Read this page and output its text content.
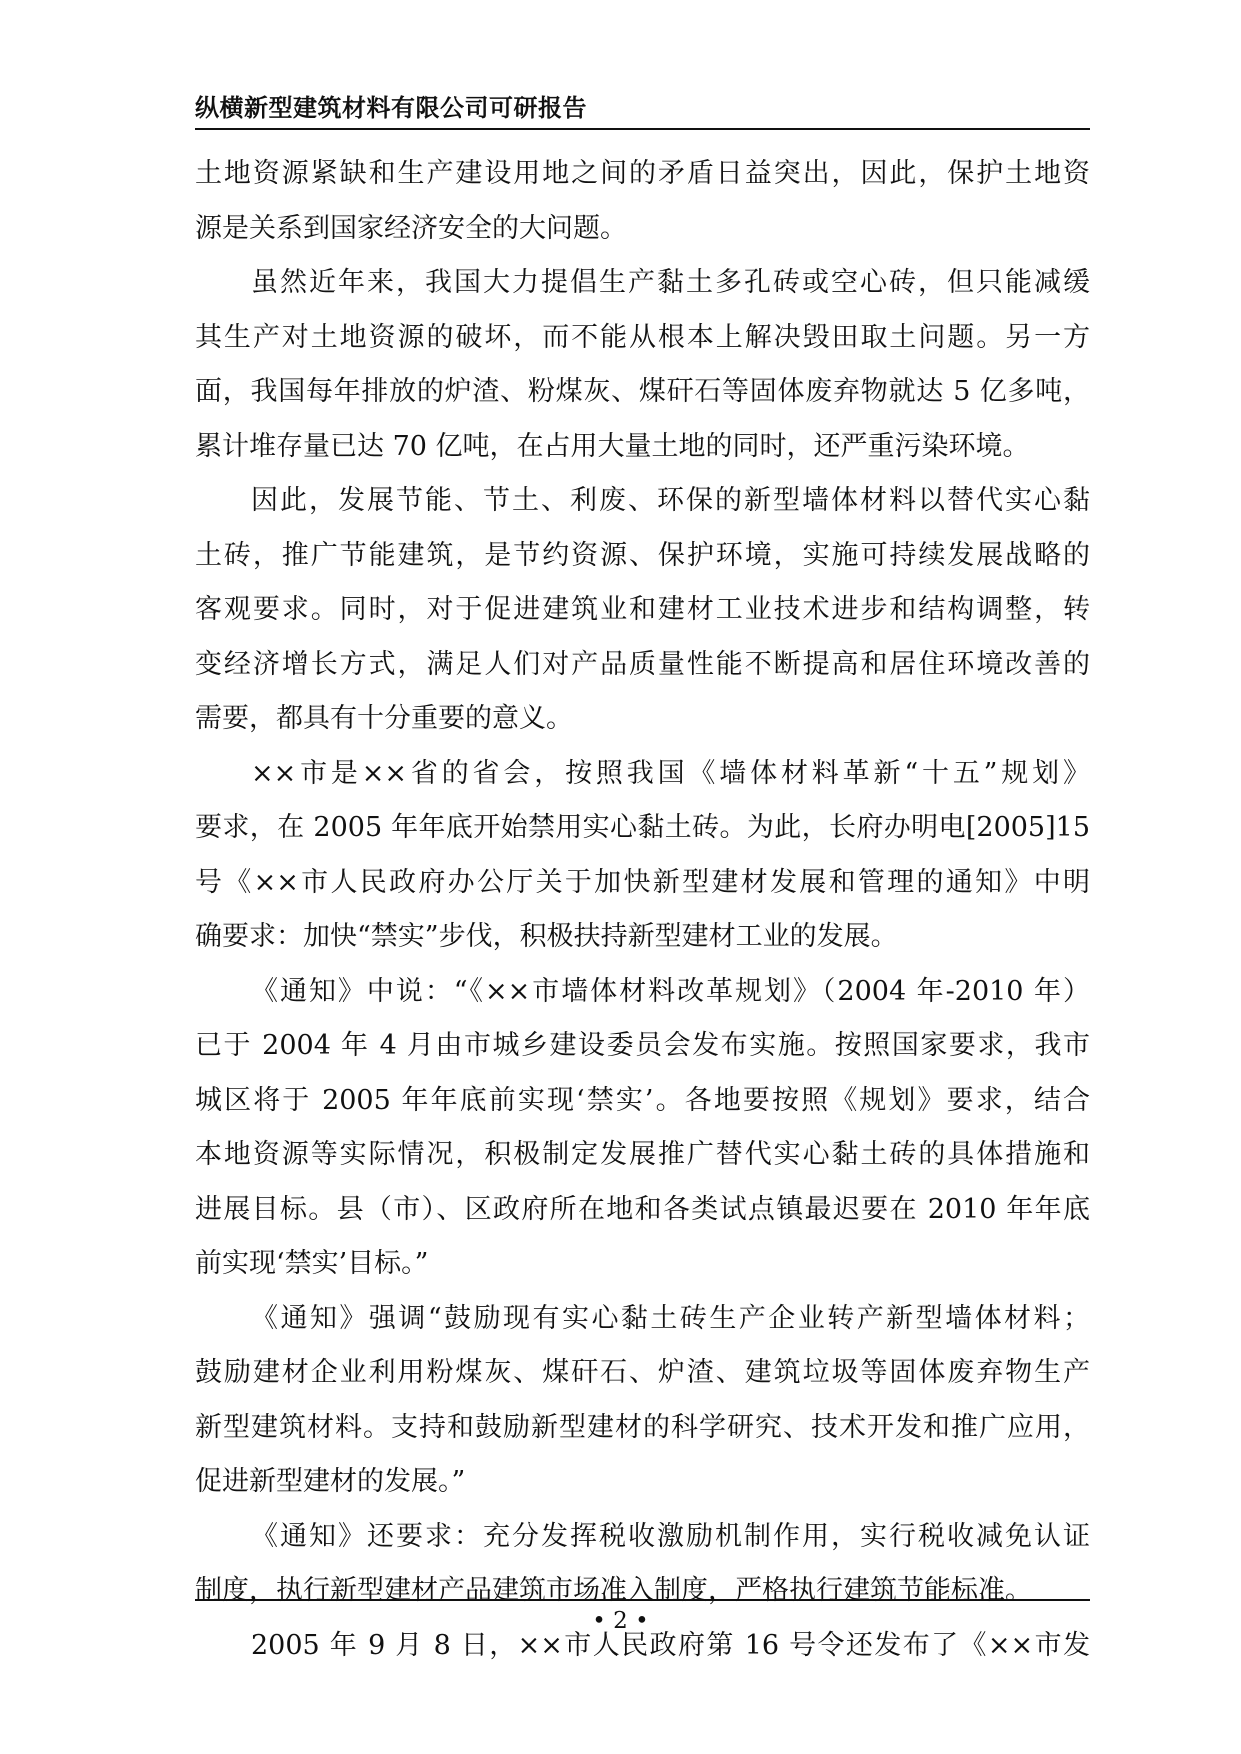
纵横新型建筑材料有限公司可研报告
土地资源紧缺和生产建设用地之间的矛盾日益突出，因此，保护土地资
源是关系到国家经济安全的大问题。
虽然近年来，我国大力提倡生产黏土多孔砖或空心砖，但只能减缓
其生产对土地资源的破坏，而不能从根本上解决毁田取土问题。另一方
面，我国每年排放的炉渣、粉煤灰、煤矸石等固体废弃物就达 5 亿多吨，
累计堆存量已达 70 亿吨，在占用大量土地的同时，还严重污染环境。
因此，发展节能、节土、利废、环保的新型墙体材料以替代实心黏
土砖，推广节能建筑，是节约资源、保护环境，实施可持续发展战略的
客观要求。同时，对于促进建筑业和建材工业技术进步和结构调整，转
变经济增长方式，满足人们对产品质量性能不断提高和居住环境改善的
需要，都具有十分重要的意义。
××市是××省的省会，按照我国《墙体材料革新“十五”规划》
要求，在 2005 年年底开始禁用实心黏土砖。为此，长府办明电[2005]15
号《××市人民政府办公厅关于加快新型建材发展和管理的通知》中明
确要求：加快“禁实”步伐，积极扶持新型建材工业的发展。
《通知》中说：“《××市墙体材料改革规划》（2004 年-2010 年）
已于 2004 年 4 月由市城乡建设委员会发布实施。按照国家要求，我市
城区将于 2005 年年底前实现‘禁实’。各地要按照《规划》要求，结合
本地资源等实际情况，积极制定发展推广替代实心黏土砖的具体措施和
进展目标。县（市）、区政府所在地和各类试点镇最迟要在 2010 年年底
前实现‘禁实’目标。”
《通知》强调“鼓励现有实心黏土砖生产企业转产新型墙体材料；
鼓励建材企业利用粉煤灰、煤矸石、炉渣、建筑垃圾等固体废弃物生产
新型建筑材料。支持和鼓励新型建材的科学研究、技术开发和推广应用，
促进新型建材的发展。”
《通知》还要求：充分发挥税收激励机制作用，实行税收减免认证
制度，执行新型建材产品建筑市场准入制度，严格执行建筑节能标准。
2005 年 9 月 8 日，××市人民政府第 16 号令还发布了《××市发
• 2 •
